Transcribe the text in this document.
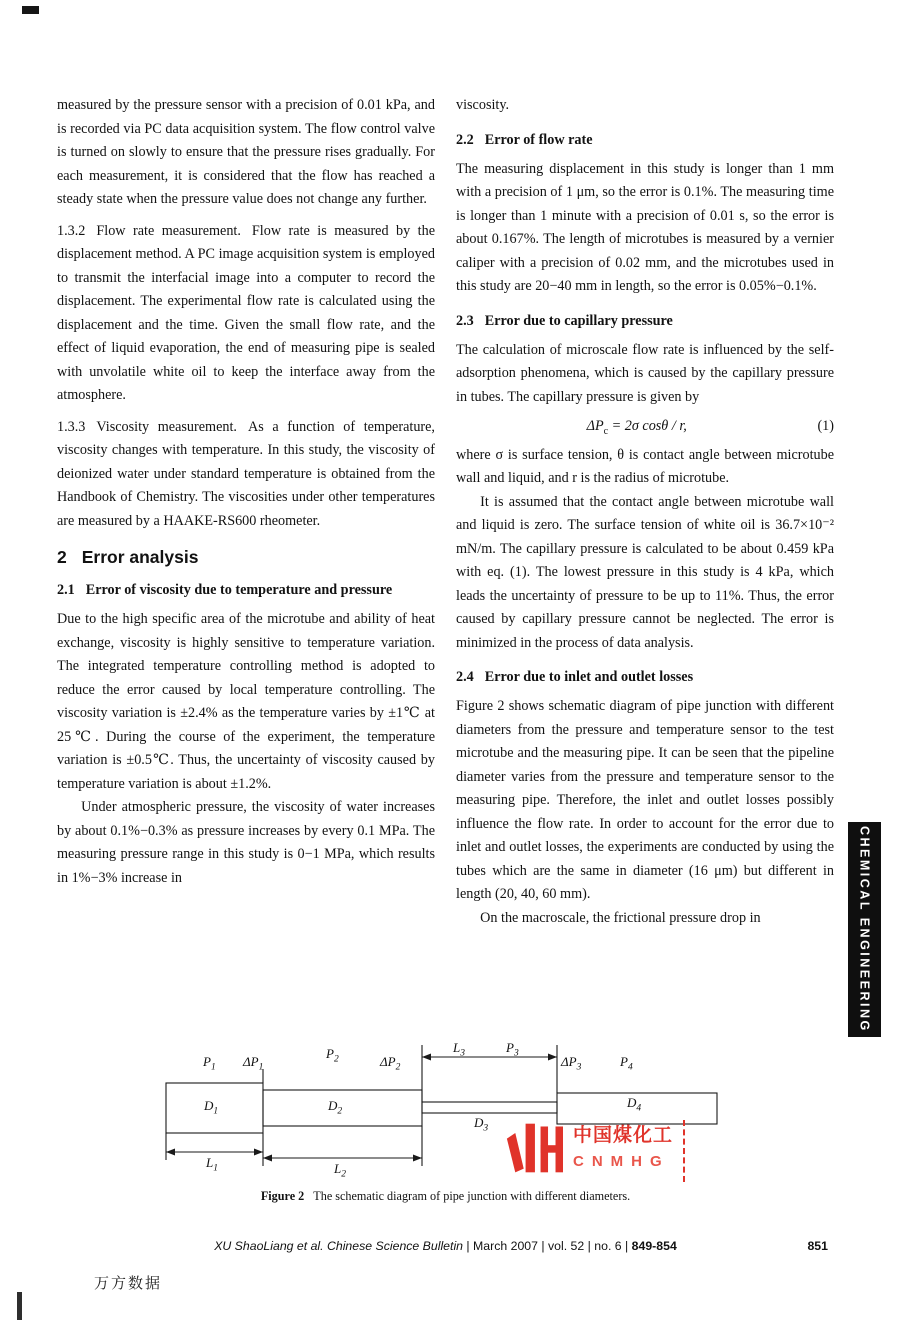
measured by the pressure sensor with a precision of 0.01 kPa, and is recorded via PC data acquisition system. The flow control valve is turned on slowly to ensure that the pressure rises gradually. For each measurement, it is considered that the flow has reached a steady state when the pressure value does not change any further.

1.3.2 Flow rate measurement. Flow rate is measured by the displacement method. A PC image acquisition system is employed to transmit the interfacial image into a computer to record the displacement. The experimental flow rate is calculated using the displacement and the time. Given the small flow rate, and the effect of liquid evaporation, the end of measuring pipe is sealed with unvolatile white oil to keep the interface away from the atmosphere.

1.3.3 Viscosity measurement. As a function of temperature, viscosity changes with temperature. In this study, the viscosity of deionized water under standard temperature is obtained from the Handbook of Chemistry. The viscosities under other temperatures are measured by a HAAKE-RS600 rheometer.

2 Error analysis
2.1 Error of viscosity due to temperature and pressure

Due to the high specific area of the microtube and ability of heat exchange, viscosity is highly sensitive to temperature variation. The integrated temperature controlling method is adopted to reduce the error caused by local temperature controlling. The viscosity variation is ±2.4% as the temperature varies by ±1℃ at 25℃. During the course of the experiment, the temperature variation is ±0.5℃. Thus, the uncertainty of viscosity caused by temperature variation is about ±1.2%.

Under atmospheric pressure, the viscosity of water increases by about 0.1%−0.3% as pressure increases by every 0.1 MPa. The measuring pressure range in this study is 0−1 MPa, which results in 1%−3% increase in

viscosity.

2.2 Error of flow rate

The measuring displacement in this study is longer than 1 mm with a precision of 1 μm, so the error is 0.1%. The measuring time is longer than 1 minute with a precision of 0.01 s, so the error is about 0.167%. The length of microtubes is measured by a vernier caliper with a precision of 0.02 mm, and the microtubes used in this study are 20−40 mm in length, so the error is 0.05%−0.1%.

2.3 Error due to capillary pressure

The calculation of microscale flow rate is influenced by the self-adsorption phenomena, which is caused by the capillary pressure in tubes. The capillary pressure is given by

$\Delta P_c = 2\sigma$ cosθ / r,	(1)

where σ is surface tension, θ is contact angle between microtube wall and liquid, and r is the radius of microtube.

It is assumed that the contact angle between microtube wall and liquid is zero. The surface tension of white oil is 36.7×10⁻² mN/m. The capillary pressure is calculated to be about 0.459 kPa with eq. (1). The lowest pressure in this study is 4 kPa, which leads the uncertainty of pressure to be up to 11%. Thus, the error caused by capillary pressure cannot be neglected. The error is minimized in the process of data analysis.

2.4 Error due to inlet and outlet losses

Figure 2 shows schematic diagram of pipe junction with different diameters from the pressure and temperature sensor to the test microtube and the measuring pipe. It can be seen that the pipeline diameter varies from the pressure and temperature sensor to the measuring pipe. Therefore, the inlet and outlet losses possibly influence the flow rate. In order to account for the error due to inlet and outlet losses, the experiments are conducted by using the tubes which are the same in diameter (16 μm) but different in length (20, 40, 60 mm).

On the macroscale, the frictional pressure drop in

$P_1$ $\Delta P_1$
$P_2$	$\Delta P_2$
$L_3$	$P_3$
$\Delta P_3$	$P_4$
$D_1$	$D_2$
$D_3$
$D_4$
$L_1$	$L_2$
中国煤化工
CNMHG
Figure 2 The schematic diagram of pipe junction with different diameters.
XU ShaoLiang et al. Chinese Science Bulletin | March 2007 | vol. 52 | no. 6 | 849-854	851
万方数据
CHEMICAL ENGINEERING
